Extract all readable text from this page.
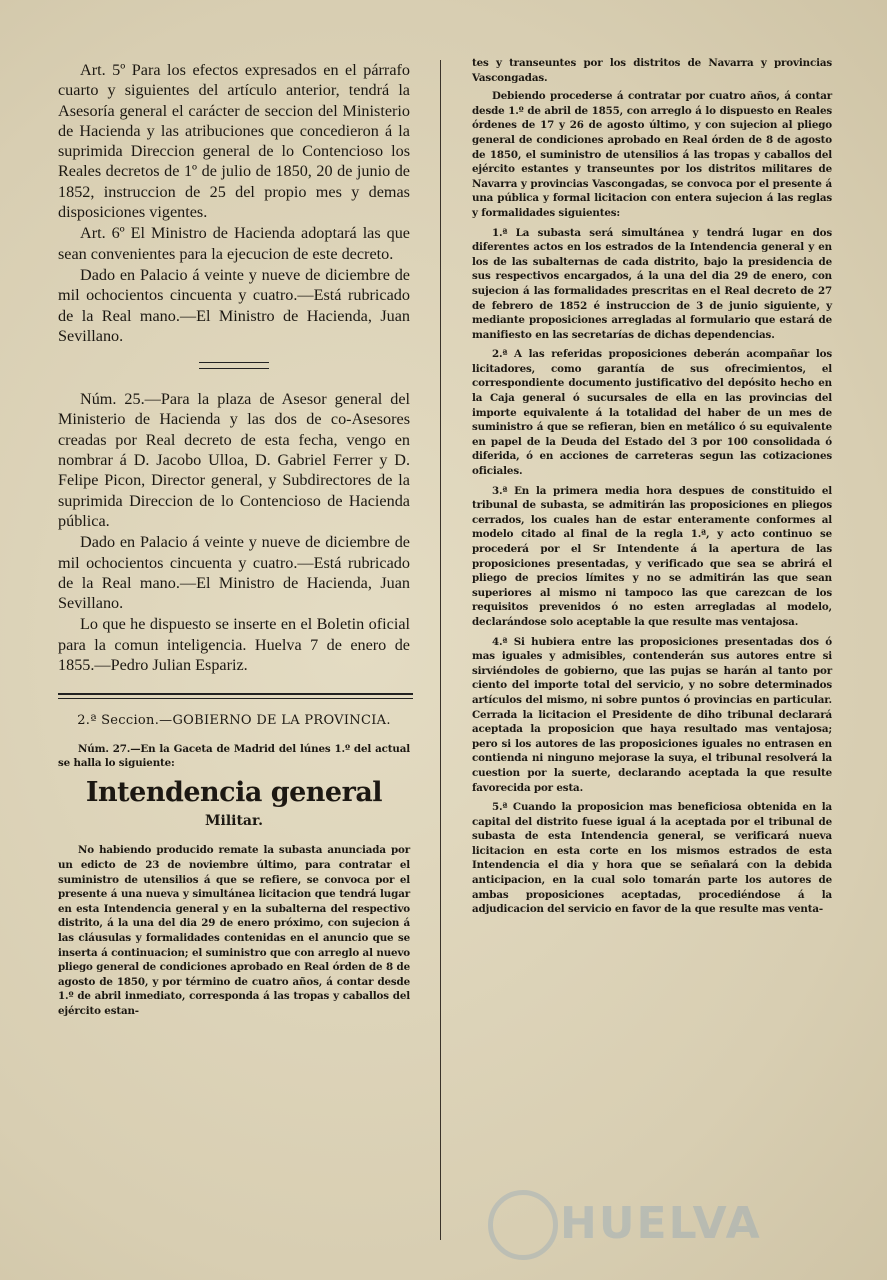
Art. 5º Para los efectos expresados en el párrafo cuarto y siguientes del artículo anterior, tendrá la Asesoría general el carácter de seccion del Ministerio de Hacienda y las atribuciones que concedieron á la suprimida Direccion general de lo Contencioso los Reales decretos de 1º de julio de 1850, 20 de junio de 1852, instruccion de 25 del propio mes y demas disposiciones vigentes.

Art. 6º El Ministro de Hacienda adoptará las que sean convenientes para la ejecucion de este decreto.

Dado en Palacio á veinte y nueve de diciembre de mil ochocientos cincuenta y cuatro.—Está rubricado de la Real mano.—El Ministro de Hacienda, Juan Sevillano.

Núm. 25.—Para la plaza de Asesor general del Ministerio de Hacienda y las dos de co-Asesores creadas por Real decreto de esta fecha, vengo en nombrar á D. Jacobo Ulloa, D. Gabriel Ferrer y D. Felipe Picon, Director general, y Subdirectores de la suprimida Direccion de lo Contencioso de Hacienda pública.

Dado en Palacio á veinte y nueve de diciembre de mil ochocientos cincuenta y cuatro.—Está rubricado de la Real mano.—El Ministro de Hacienda, Juan Sevillano.

Lo que he dispuesto se inserte en el Boletin oficial para la comun inteligencia. Huelva 7 de enero de 1855.—Pedro Julian Espariz.

2.ª Seccion.—GOBIERNO DE LA PROVINCIA.

Núm. 27.—En la Gaceta de Madrid del lúnes 1.º del actual se halla lo siguiente:

Intendencia general
Militar.

No habiendo producido remate la subasta anunciada por un edicto de 23 de noviembre último, para contratar el suministro de utensilios á que se refiere, se convoca por el presente á una nueva y simultánea licitacion que tendrá lugar en esta Intendencia general y en la subalterna del respectivo distrito, á la una del dia 29 de enero próximo, con sujecion á las cláusulas y formalidades contenidas en el anuncio que se inserta á continuacion; el suministro que con arreglo al nuevo pliego general de condiciones aprobado en Real órden de 8 de agosto de 1850, y por término de cuatro años, á contar desde 1.º de abril inmediato, corresponda á las tropas y caballos del ejército estan-

tes y transeuntes por los distritos de Navarra y provincias Vascongadas.

Debiendo procederse á contratar por cuatro años, á contar desde 1.º de abril de 1855, con arreglo á lo dispuesto en Reales órdenes de 17 y 26 de agosto último, y con sujecion al pliego general de condiciones aprobado en Real órden de 8 de agosto de 1850, el suministro de utensilios á las tropas y caballos del ejército estantes y transeuntes por los distritos militares de Navarra y provincias Vascongadas, se convoca por el presente á una pública y formal licitacion con entera sujecion á las reglas y formalidades siguientes:

1.ª La subasta será simultánea y tendrá lugar en dos diferentes actos en los estrados de la Intendencia general y en los de las subalternas de cada distrito, bajo la presidencia de sus respectivos encargados, á la una del dia 29 de enero, con sujecion á las formalidades prescritas en el Real decreto de 27 de febrero de 1852 é instruccion de 3 de junio siguiente, y mediante proposiciones arregladas al formulario que estará de manifiesto en las secretarías de dichas dependencias.

2.ª A las referidas proposiciones deberán acompañar los licitadores, como garantía de sus ofrecimientos, el correspondiente documento justificativo del depósito hecho en la Caja general ó sucursales de ella en las provincias del importe equivalente á la totalidad del haber de un mes de suministro á que se refieran, bien en metálico ó su equivalente en papel de la Deuda del Estado del 3 por 100 consolidada ó diferida, ó en acciones de carreteras segun las cotizaciones oficiales.

3.ª En la primera media hora despues de constituido el tribunal de subasta, se admitirán las proposiciones en pliegos cerrados, los cuales han de estar enteramente conformes al modelo citado al final de la regla 1.ª, y acto continuo se procederá por el Sr Intendente á la apertura de las proposiciones presentadas, y verificado que sea se abrirá el pliego de precios límites y no se admitirán las que sean superiores al mismo ni tampoco las que carezcan de los requisitos prevenidos ó no esten arregladas al modelo, declarándose solo aceptable la que resulte mas ventajosa.

4.ª Si hubiera entre las proposiciones presentadas dos ó mas iguales y admisibles, contenderán sus autores entre si sirviéndoles de gobierno, que las pujas se harán al tanto por ciento del importe total del servicio, y no sobre determinados artículos del mismo, ni sobre puntos ó provincias en particular. Cerrada la licitacion el Presidente de diho tribunal declarará aceptada la proposicion que haya resultado mas ventajosa; pero si los autores de las proposiciones iguales no entrasen en contienda ni ninguno mejorase la suya, el tribunal resolverá la cuestion por la suerte, declarando aceptada la que resulte favorecida por esta.

5.ª Cuando la proposicion mas beneficiosa obtenida en la capital del distrito fuese igual á la aceptada por el tribunal de subasta de esta Intendencia general, se verificará nueva licitacion en esta corte en los mismos estrados de esta Intendencia el dia y hora que se señalará con la debida anticipacion, en la cual solo tomarán parte los autores de ambas proposiciones aceptadas, procediéndose á la adjudicacion del servicio en favor de la que resulte mas venta-

HUELVA
